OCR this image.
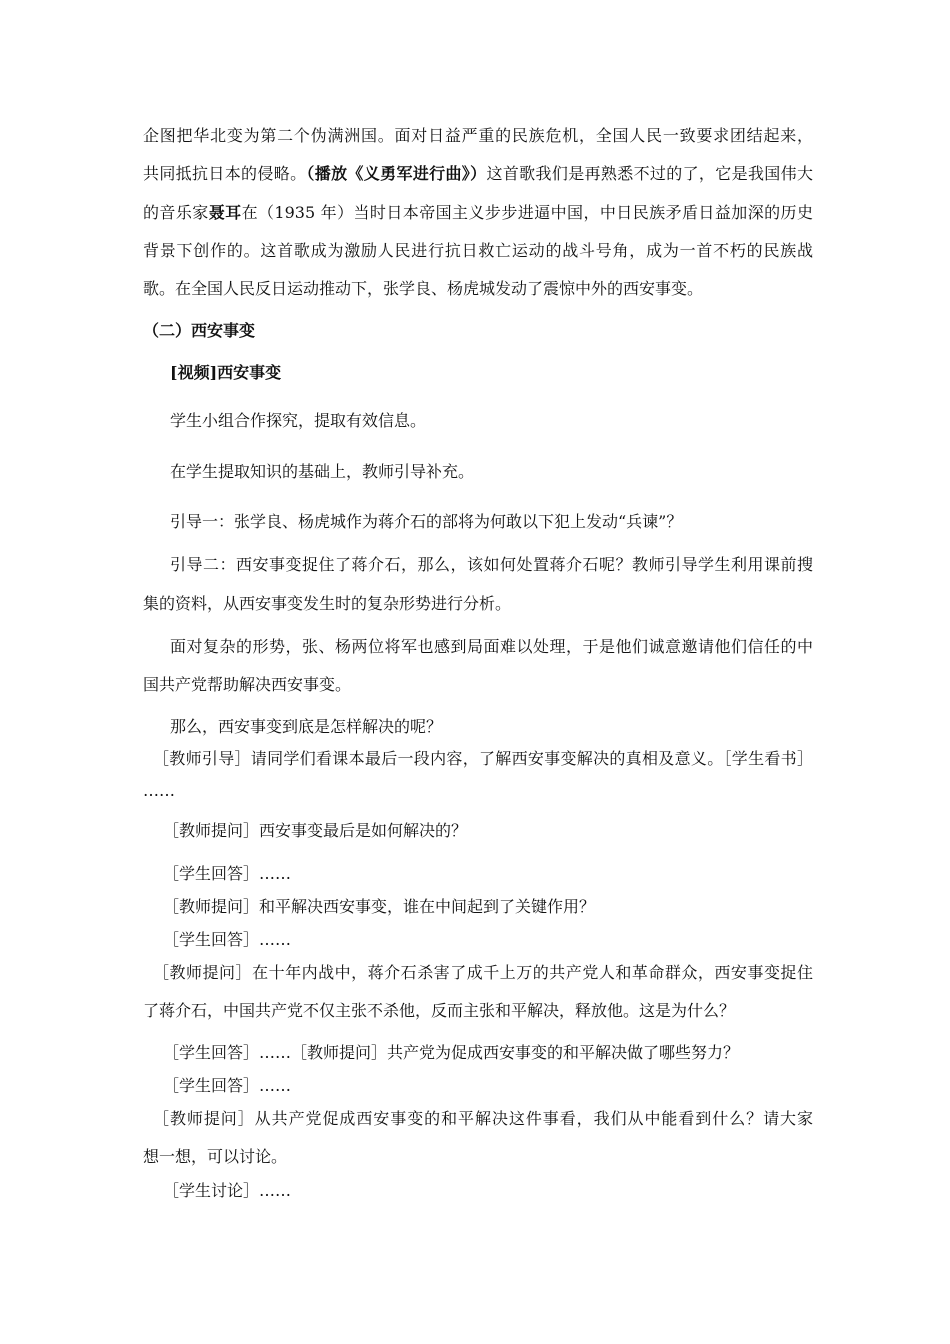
企图把华北变为第二个伪满洲国。面对日益严重的民族危机，全国人民一致要求团结起来，
共同抵抗日本的侵略。（播放《义勇军进行曲》）这首歌我们是再熟悉不过的了，它是我国伟大
的音乐家聂耳在（1935 年）当时日本帝国主义步步进逼中国，中日民族矛盾日益加深的历史
背景下创作的。这首歌成为激励人民进行抗日救亡运动的战斗号角，成为一首不朽的民族战
歌。在全国人民反日运动推动下，张学良、杨虎城发动了震惊中外的西安事变。
（二）西安事变
[视频]西安事变
学生小组合作探究，提取有效信息。
在学生提取知识的基础上，教师引导补充。
引导一：张学良、杨虎城作为蒋介石的部将为何敢以下犯上发动“兵谏”？
引导二：西安事变捉住了蒋介石，那么，该如何处置蒋介石呢？教师引导学生利用课前搜
集的资料，从西安事变发生时的复杂形势进行分析。
面对复杂的形势，张、杨两位将军也感到局面难以处理，于是他们诚意邀请他们信任的中
国共产党帮助解决西安事变。
那么，西安事变到底是怎样解决的呢？
［教师引导］请同学们看课本最后一段内容，了解西安事变解决的真相及意义。［学生看书］
……
［教师提问］西安事变最后是如何解决的？
［学生回答］……
［教师提问］和平解决西安事变，谁在中间起到了关键作用？
［学生回答］……
［教师提问］在十年内战中，蒋介石杀害了成千上万的共产党人和革命群众，西安事变捉住
了蒋介石，中国共产党不仅主张不杀他，反而主张和平解决，释放他。这是为什么？
［学生回答］……［教师提问］共产党为促成西安事变的和平解决做了哪些努力？
［学生回答］……
［教师提问］从共产党促成西安事变的和平解决这件事看，我们从中能看到什么？请大家
想一想，可以讨论。
［学生讨论］……
